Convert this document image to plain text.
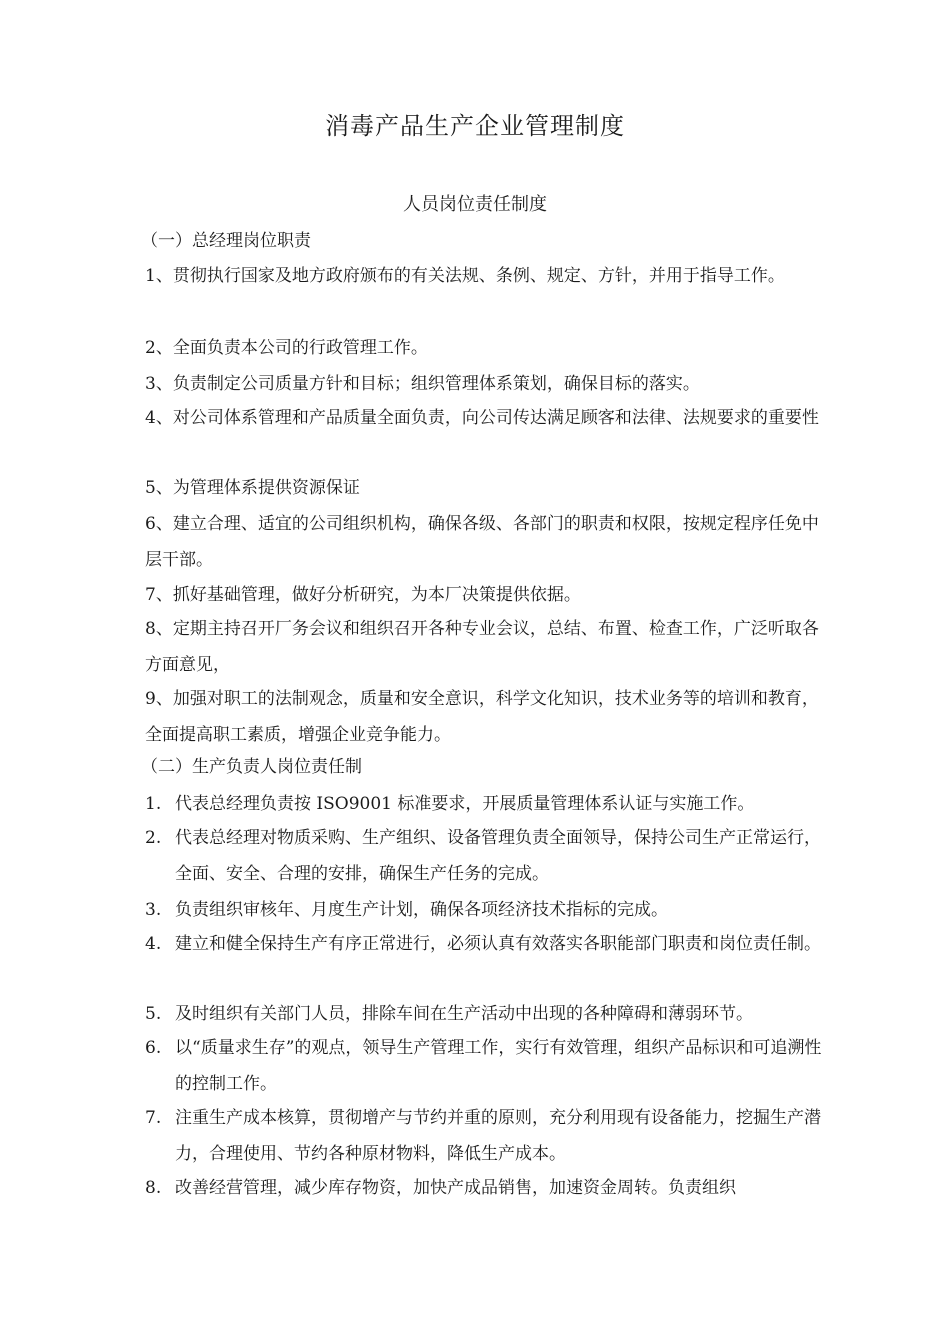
消毒产品生产企业管理制度
人员岗位责任制度
（一）总经理岗位职责
1、贯彻执行国家及地方政府颁布的有关法规、条例、规定、方针，并用于指导工作。
2、全面负责本公司的行政管理工作。
3、负责制定公司质量方针和目标；组织管理体系策划，确保目标的落实。
4、对公司体系管理和产品质量全面负责，向公司传达满足顾客和法律、法规要求的重要性
5、为管理体系提供资源保证
6、建立合理、适宜的公司组织机构，确保各级、各部门的职责和权限，按规定程序任免中层干部。
7、抓好基础管理，做好分析研究，为本厂决策提供依据。
8、定期主持召开厂务会议和组织召开各种专业会议，总结、布置、检查工作，广泛听取各方面意见，
9、加强对职工的法制观念，质量和安全意识，科学文化知识，技术业务等的培训和教育，全面提高职工素质，增强企业竞争能力。
（二）生产负责人岗位责任制
1. 代表总经理负责按 ISO9001 标准要求，开展质量管理体系认证与实施工作。
2. 代表总经理对物质采购、生产组织、设备管理负责全面领导，保持公司生产正常运行，全面、安全、合理的安排，确保生产任务的完成。
3. 负责组织审核年、月度生产计划，确保各项经济技术指标的完成。
4. 建立和健全保持生产有序正常进行，必须认真有效落实各职能部门职责和岗位责任制。
5. 及时组织有关部门人员，排除车间在生产活动中出现的各种障碍和薄弱环节。
6. 以“质量求生存”的观点，领导生产管理工作，实行有效管理，组织产品标识和可追溯性的控制工作。
7. 注重生产成本核算，贯彻增产与节约并重的原则，充分利用现有设备能力，挖掘生产潜力，合理使用、节约各种原材物料，降低生产成本。
8. 改善经营管理，减少库存物资，加快产成品销售，加速资金周转。负责组织
